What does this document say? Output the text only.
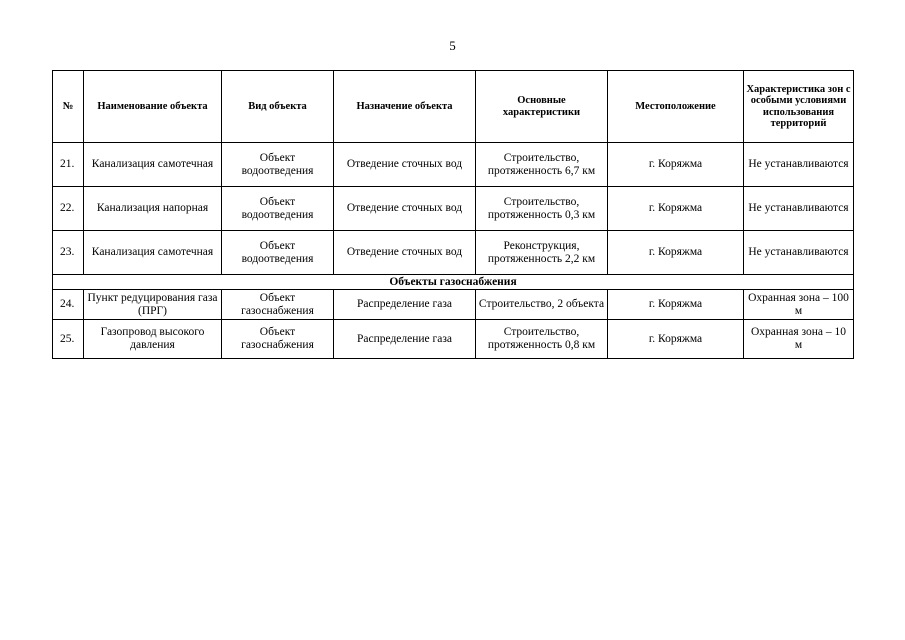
5
№	Наименование объекта	Вид объекта	Назначение объекта	Основные характеристики	Местоположение	Характеристика зон с особыми условиями использования территорий
21.	Канализация самотечная	Объект водоотведения	Отведение сточных вод	Строительство, протяженность 6,7 км	г. Коряжма	Не устанавливаются
22.	Канализация напорная	Объект водоотведения	Отведение сточных вод	Строительство, протяженность 0,3 км	г. Коряжма	Не устанавливаются
23.	Канализация самотечная	Объект водоотведения	Отведение сточных вод	Реконструкция, протяженность 2,2 км	г. Коряжма	Не устанавливаются
Объекты газоснабжения						
24.	Пункт редуцирования газа (ПРГ)	Объект газоснабжения	Распределение газа	Строительство, 2 объекта	г. Коряжма	Охранная зона – 100 м
25.	Газопровод высокого давления	Объект газоснабжения	Распределение газа	Строительство, протяженность 0,8 км	г. Коряжма	Охранная зона – 10 м
